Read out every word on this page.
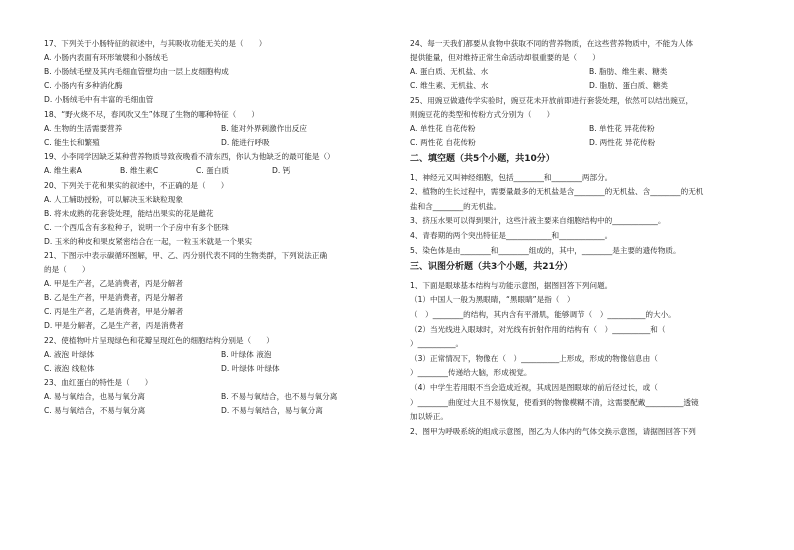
17、下列关于小肠特征的叙述中，与其吸收功能无关的是（　　）
A. 小肠内表面有环形皱襞和小肠绒毛
B. 小肠绒毛壁及其内毛细血管壁均由一层上皮细胞构成
C. 小肠内有多种消化酶
D. 小肠绒毛中有丰富的毛细血管
18、“野火烧不尽，春风吹又生”体现了生物的哪种特征（　　）
A. 生物的生活需要营养	B. 能对外界刺激作出反应
C. 能生长和繁殖	D. 能进行呼吸
19、小李同学因缺乏某种营养物质导致夜晚看不清东西，你认为他缺乏的最可能是（）
A. 维生素A	B. 维生素C	C. 蛋白质	D. 钙
20、下列关于花和果实的叙述中，不正确的是（　　）
A. 人工辅助授粉，可以解决玉米缺粒现象
B. 将未成熟的花套袋处理，能结出果实的花是雌花
C. 一个西瓜含有多粒种子，说明一个子房中有多个胚珠
D. 玉米的种皮和果皮紧密结合在一起，一粒玉米就是一个果实
21、下图示中表示碳循环图解，甲、乙、丙分别代表不同的生物类群，下列说法正确
的是（　　）
A. 甲是生产者，乙是消费者，丙是分解者
B. 乙是生产者，甲是消费者，丙是分解者
C. 丙是生产者，乙是消费者，甲是分解者
D. 甲是分解者，乙是生产者，丙是消费者
22、使植物叶片呈现绿色和花瓣呈现红色的细胞结构分别是（　　）
A. 液泡 叶绿体	B. 叶绿体 液泡
C. 液泡 线粒体	D. 叶绿体 叶绿体
23、血红蛋白的特性是（　　）
A. 易与氧结合，也易与氧分离	B. 不易与氧结合，也不易与氧分离
C. 易与氧结合，不易与氧分离	D. 不易与氧结合，易与氧分离
24、每一天我们都要从食物中获取不同的营养物质，在这些营养物质中，不能为人体
提供能量，但对维持正常生命活动却很重要的是（　　）
A. 蛋白质、无机盐、水	B. 脂肪、维生素、糖类
C. 维生素、无机盐、水	D. 脂肪、蛋白质、糖类
25、用豌豆做遗传学实验时，豌豆花未开放前即进行套袋处理，依然可以结出豌豆，
则豌豆花的类型和传粉方式分别为（　　）
A. 单性花 自花传粉	B. 单性花 异花传粉
C. 两性花 自花传粉	D. 两性花 异花传粉
二、填空题（共5个小题，共10分）
1、神经元又叫神经细胞，包括________和________两部分。
2、植物的生长过程中，需要量最多的无机盐是含________的无机盐、含________的无机
盐和含________的无机盐。
3、挤压水果可以得到果汁，这些汁液主要来自细胞结构中的____________。
4、青春期的两个突出特征是____________和____________。
5、染色体是由________和________组成的，其中，________是主要的遗传物质。
三、识图分析题（共3个小题，共21分）
1、下面是眼球基本结构与功能示意图，据图回答下列问题。
（1）中国人一般为黑眼睛，“黑眼睛”是指（　）
（　）________的结构，其内含有平滑肌，能够调节（　）__________的大小。
（2）当光线进入眼球时，对光线有折射作用的结构有（　）__________和（
）__________。
（3）正常情况下，物像在（　）__________上形成，形成的物像信息由（
）________传递给大脑，形成视觉。
（4）中学生若用眼不当会造成近视，其成因是图眼球的前后径过长，或（
）________曲度过大且不易恢复，使看到的物像模糊不清，这需要配戴__________透镜
加以矫正。
2、图甲为呼吸系统的组成示意图，图乙为人体内的气体交换示意图，请据图回答下列
